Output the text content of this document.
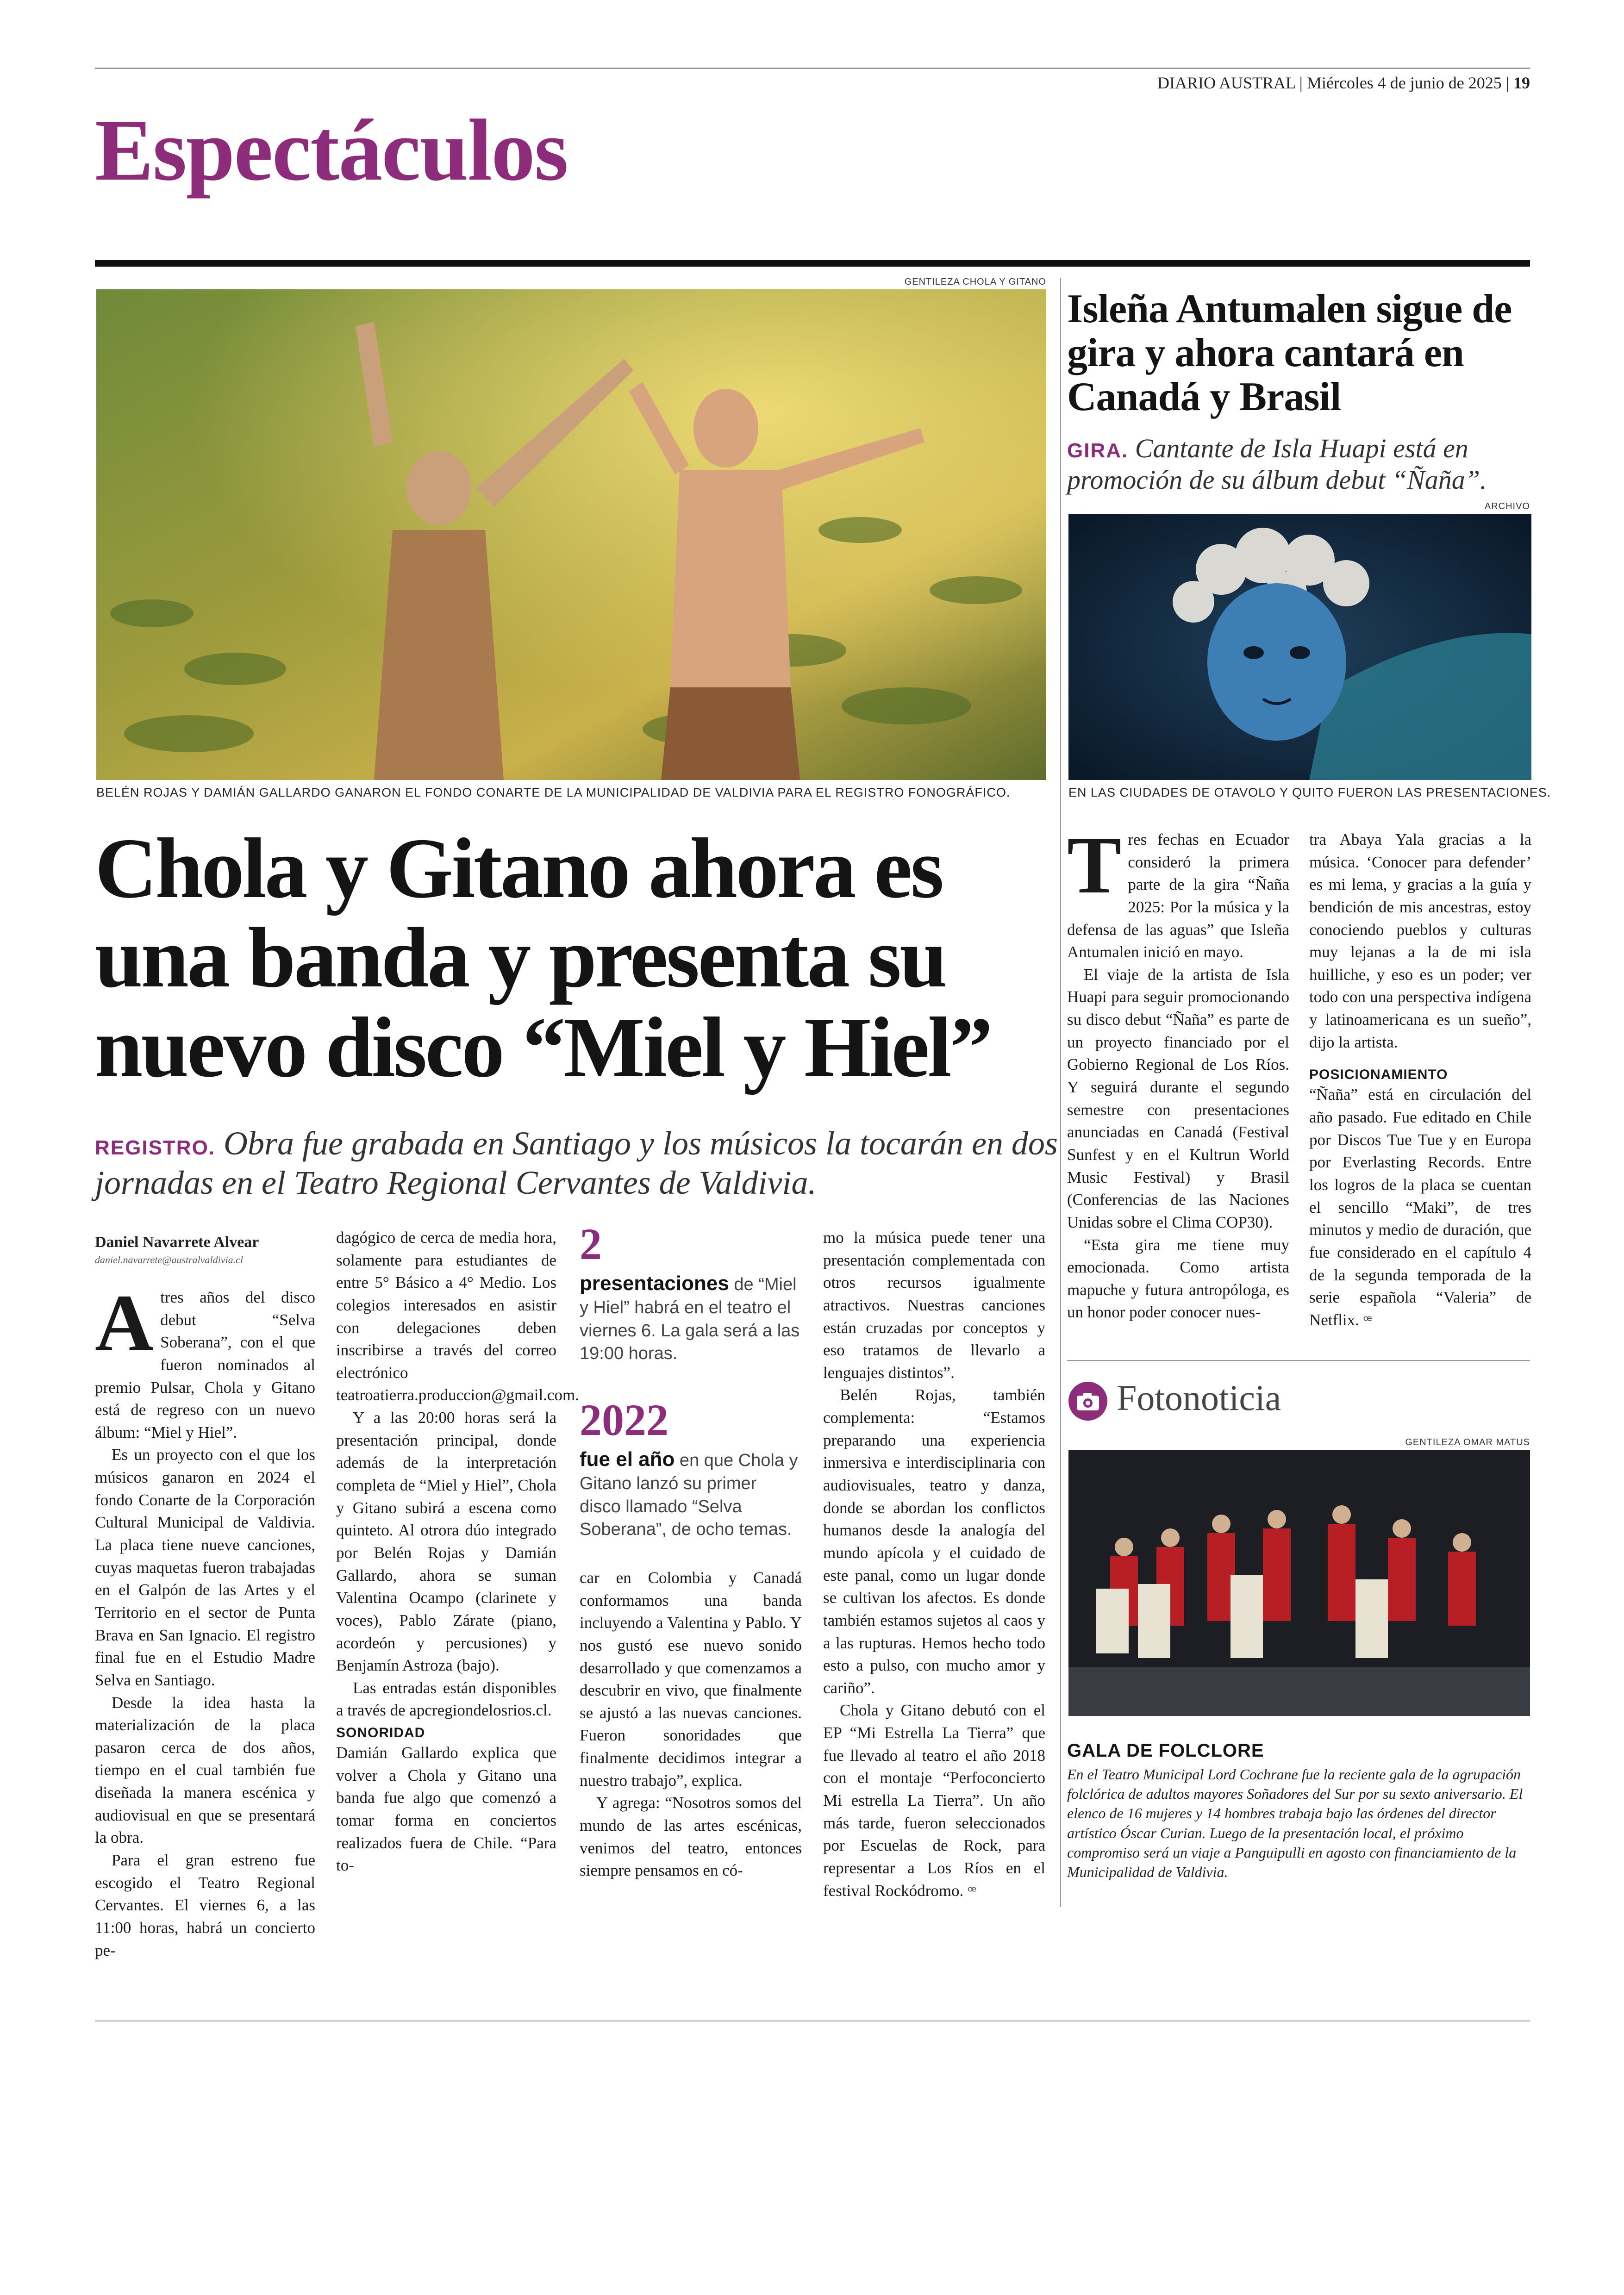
DIARIO AUSTRAL | Miércoles 4 de junio de 2025 | 19
Espectáculos
GENTILEZA CHOLA Y GITANO
BELÉN ROJAS Y DAMIÁN GALLARDO GANARON EL FONDO CONARTE DE LA MUNICIPALIDAD DE VALDIVIA PARA EL REGISTRO FONOGRÁFICO.
Chola y Gitano ahora es una banda y presenta su nuevo disco “Miel y Hiel”
REGISTRO. Obra fue grabada en Santiago y los músicos la tocarán en dos jornadas en el Teatro Regional Cervantes de Valdivia.
Daniel Navarrete Alvear
daniel.navarrete@australvaldivia.cl

Atres años del disco debut “Selva Soberana”, con el que fueron nominados al premio Pulsar, Chola y Gitano está de regreso con un nuevo álbum: “Miel y Hiel”.

Es un proyecto con el que los músicos ganaron en 2024 el fondo Conarte de la Corporación Cultural Municipal de Valdivia. La placa tiene nueve canciones, cuyas maquetas fueron trabajadas en el Galpón de las Artes y el Territorio en el sector de Punta Brava en San Ignacio. El registro final fue en el Estudio Madre Selva en Santiago.

Desde la idea hasta la materialización de la placa pasaron cerca de dos años, tiempo en el cual también fue diseñada la manera escénica y audiovisual en que se presentará la obra.

Para el gran estreno fue escogido el Teatro Regional Cervantes. El viernes 6, a las 11:00 horas, habrá un concierto pe-

dagógico de cerca de media hora, solamente para estudiantes de entre 5° Básico a 4° Medio. Los colegios interesados en asistir con delegaciones deben inscribirse a través del correo electrónico teatroatierra.produccion@gmail.com.

Y a las 20:00 horas será la presentación principal, donde además de la interpretación completa de “Miel y Hiel”, Chola y Gitano subirá a escena como quinteto. Al otrora dúo integrado por Belén Rojas y Damián Gallardo, ahora se suman Valentina Ocampo (clarinete y voces), Pablo Zárate (piano, acordeón y percusiones) y Benjamín Astroza (bajo).

Las entradas están disponibles a través de apcregiondelosrios.cl.

SONORIDAD

Damián Gallardo explica que volver a Chola y Gitano una banda fue algo que comenzó a tomar forma en conciertos realizados fuera de Chile. “Para to-

2
presentaciones de “Miel y Hiel” habrá en el teatro el viernes 6. La gala será a las 19:00 horas.
2022
fue el año en que Chola y Gitano lanzó su primer disco llamado “Selva Soberana”, de ocho temas.

car en Colombia y Canadá conformamos una banda incluyendo a Valentina y Pablo. Y nos gustó ese nuevo sonido desarrollado y que comenzamos a descubrir en vivo, que finalmente se ajustó a las nuevas canciones. Fueron sonoridades que finalmente decidimos integrar a nuestro trabajo”, explica.

Y agrega: “Nosotros somos del mundo de las artes escénicas, venimos del teatro, entonces siempre pensamos en có-

mo la música puede tener una presentación complementada con otros recursos igualmente atractivos. Nuestras canciones están cruzadas por conceptos y eso tratamos de llevarlo a lenguajes distintos”.

Belén Rojas, también complementa: “Estamos preparando una experiencia inmersiva e interdisciplinaria con audiovisuales, teatro y danza, donde se abordan los conflictos humanos desde la analogía del mundo apícola y el cuidado de este panal, como un lugar donde se cultivan los afectos. Es donde también estamos sujetos al caos y a las rupturas. Hemos hecho todo esto a pulso, con mucho amor y cariño”.

Chola y Gitano debutó con el EP “Mi Estrella La Tierra” que fue llevado al teatro el año 2018 con el montaje “Perfoconcierto Mi estrella La Tierra”. Un año más tarde, fueron seleccionados por Escuelas de Rock, para representar a Los Ríos en el festival Rockódromo. ꟹ

Isleña Antumalen sigue de gira y ahora cantará en Canadá y Brasil
GIRA. Cantante de Isla Huapi está en promoción de su álbum debut “Ñaña”.
ARCHIVO
EN LAS CIUDADES DE OTAVOLO Y QUITO FUERON LAS PRESENTACIONES.

Tres fechas en Ecuador consideró la primera parte de la gira “Ñaña 2025: Por la música y la defensa de las aguas” que Isleña Antumalen inició en mayo.

El viaje de la artista de Isla Huapi para seguir promocionando su disco debut “Ñaña” es parte de un proyecto financiado por el Gobierno Regional de Los Ríos. Y seguirá durante el segundo semestre con presentaciones anunciadas en Canadá (Festival Sunfest y en el Kultrun World Music Festival) y Brasil (Conferencias de las Naciones Unidas sobre el Clima COP30).

“Esta gira me tiene muy emocionada. Como artista mapuche y futura antropóloga, es un honor poder conocer nues-

tra Abaya Yala gracias a la música. ‘Conocer para defender’ es mi lema, y gracias a la guía y bendición de mis ancestras, estoy conociendo pueblos y culturas muy lejanas a la de mi isla huilliche, y eso es un poder; ver todo con una perspectiva indígena y latinoamericana es un sueño”, dijo la artista.

POSICIONAMIENTO

“Ñaña” está en circulación del año pasado. Fue editado en Chile por Discos Tue Tue y en Europa por Everlasting Records. Entre los logros de la placa se cuentan el sencillo “Maki”, de tres minutos y medio de duración, que fue considerado en el capítulo 4 de la segunda temporada de la serie española “Valeria” de Netflix. ꟹ

Fotonoticia
GENTILEZA OMAR MATUS
GALA DE FOLCLORE
En el Teatro Municipal Lord Cochrane fue la reciente gala de la agrupación folclórica de adultos mayores Soñadores del Sur por su sexto aniversario. El elenco de 16 mujeres y 14 hombres trabaja bajo las órdenes del director artístico Óscar Curian. Luego de la presentación local, el próximo compromiso será un viaje a Panguipulli en agosto con financiamiento de la Municipalidad de Valdivia.
